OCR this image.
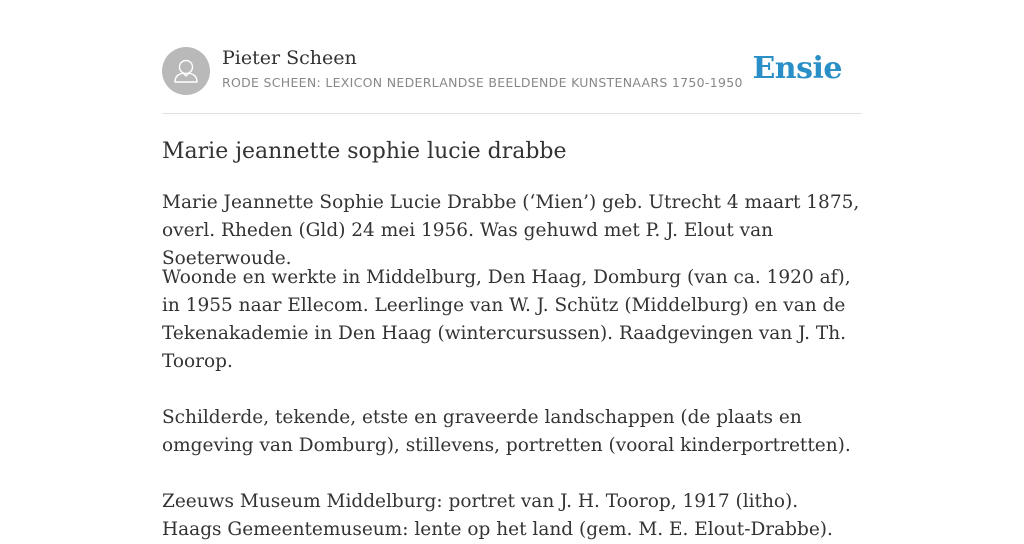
Pieter Scheen
RODE SCHEEN: LEXICON NEDERLANDSE BEELDENDE KUNSTENAARS 1750-1950 Ensie
Marie jeannette sophie lucie drabbe

Marie Jeannette Sophie Lucie Drabbe (‘Mien’) geb. Utrecht 4 maart 1875, overl. Rheden (Gld) 24 mei 1956. Was gehuwd met P. J. Elout van Soeterwoude.

Woonde en werkte in Middelburg, Den Haag, Domburg (van ca. 1920 af), in 1955 naar Ellecom. Leerlinge van W. J. Schütz (Middelburg) en van de Tekenakademie in Den Haag (wintercursussen). Raadgevingen van J. Th. Toorop.

Schilderde, tekende, etste en graveerde landschappen (de plaats en omgeving van Domburg), stillevens, portretten (vooral kinderportretten).

Zeeuws Museum Middelburg: portret van J. H. Toorop, 1917 (litho). Haags Gemeentemuseum: lente op het land (gem. M. E. Elout-Drabbe).
